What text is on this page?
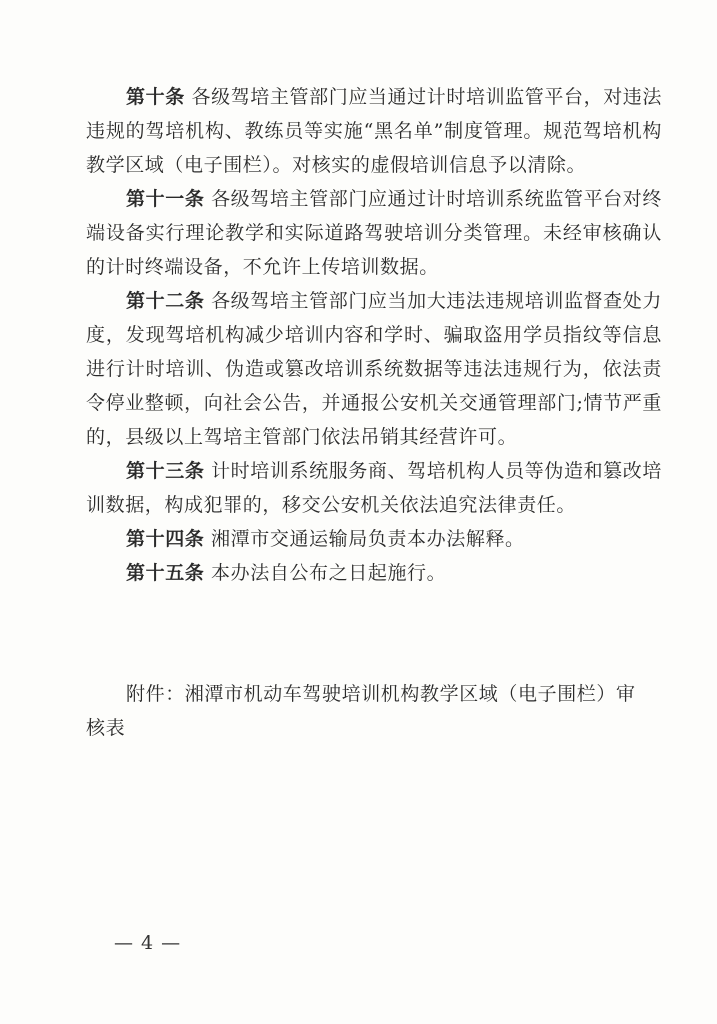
第十条 各级驾培主管部门应当通过计时培训监管平台，对违法违规的驾培机构、教练员等实施“黑名单”制度管理。规范驾培机构教学区域（电子围栏）。对核实的虚假培训信息予以清除。

第十一条 各级驾培主管部门应通过计时培训系统监管平台对终端设备实行理论教学和实际道路驾驶培训分类管理。未经审核确认的计时终端设备，不允许上传培训数据。

第十二条 各级驾培主管部门应当加大违法违规培训监督查处力度，发现驾培机构减少培训内容和学时、骗取盗用学员指纹等信息进行计时培训、伪造或篡改培训系统数据等违法违规行为，依法责令停业整顿，向社会公告，并通报公安机关交通管理部门;情节严重的，县级以上驾培主管部门依法吊销其经营许可。

第十三条 计时培训系统服务商、驾培机构人员等伪造和篡改培训数据，构成犯罪的，移交公安机关依法追究法律责任。

第十四条 湘潭市交通运输局负责本办法解释。

第十五条 本办法自公布之日起施行。

附件：湘潭市机动车驾驶培训机构教学区域（电子围栏）审
核表
— 4 —
